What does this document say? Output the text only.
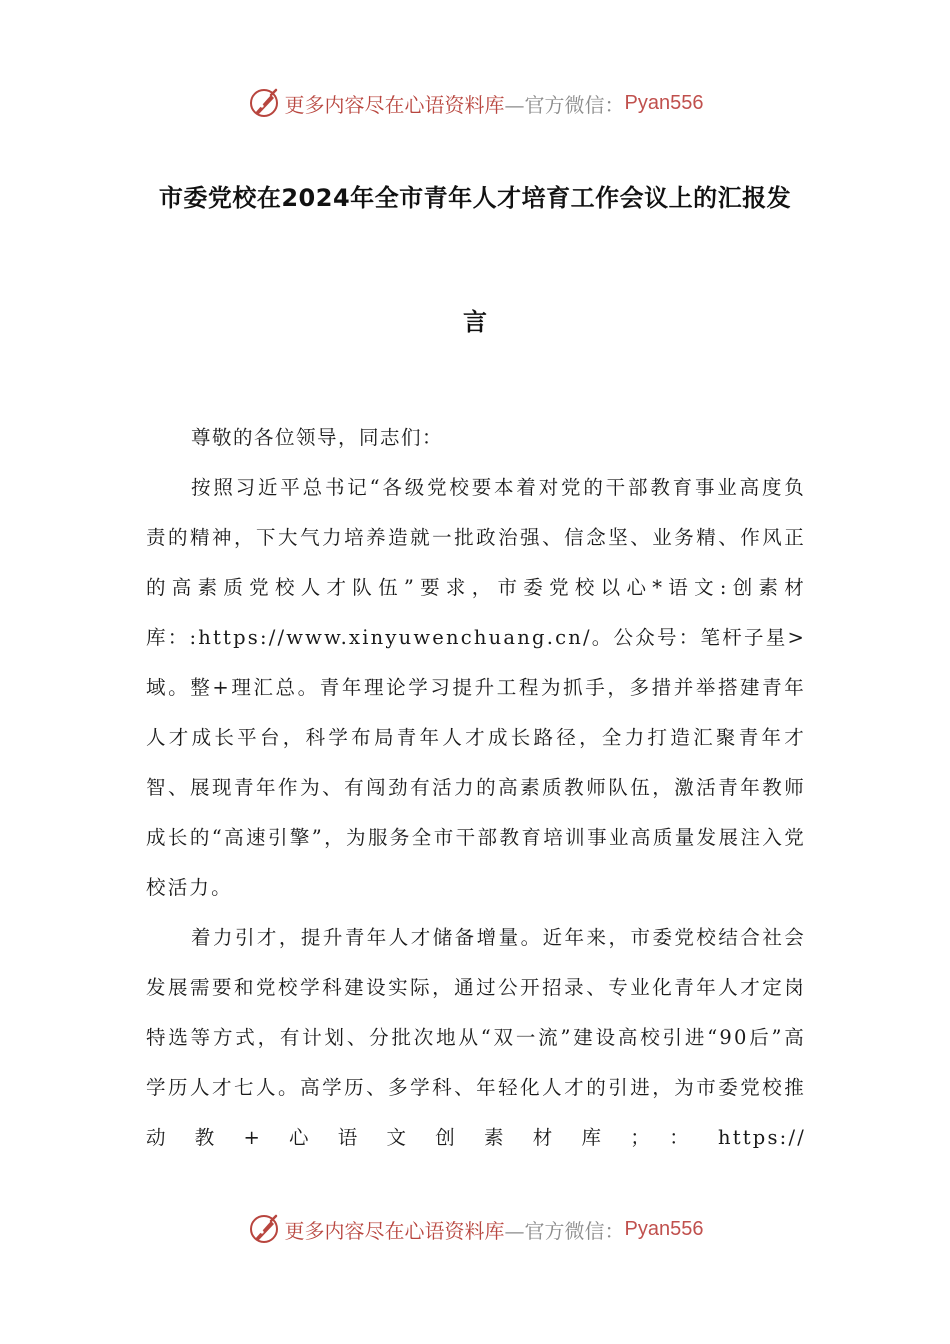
更多内容尽在心语资料库 —官方微信： Pyan556
市委党校在2024年全市青年人才培育工作会议上的汇报发
言

尊敬的各位领导，同志们：

按照习近平总书记“各级党校要本着对党的干部教育事业高度负责的精神，下大气力培养造就一批政治强、信念坚、业务精、作风正的高素质党校人才队伍”要求，市委党校以心*语文:创素材库：:https://www.xinyuwenchuang.cn/。公众号：笔杆子星>域。整+理汇总。青年理论学习提升工程为抓手，多措并举搭建青年人才成长平台，科学布局青年人才成长路径，全力打造汇聚青年才智、展现青年作为、有闯劲有活力的高素质教师队伍，激活青年教师成长的“高速引擎”，为服务全市干部教育培训事业高质量发展注入党校活力。

着力引才，提升青年人才储备增量。近年来，市委党校结合社会发展需要和党校学科建设实际，通过公开招录、专业化青年人才定岗特选等方式，有计划、分批次地从“双一流”建设高校引进“90后”高学历人才七人。高学历、多学科、年轻化人才的引进，为市委党校推动教+心语文创素材库；：https://

更多内容尽在心语资料库 —官方微信： Pyan556
